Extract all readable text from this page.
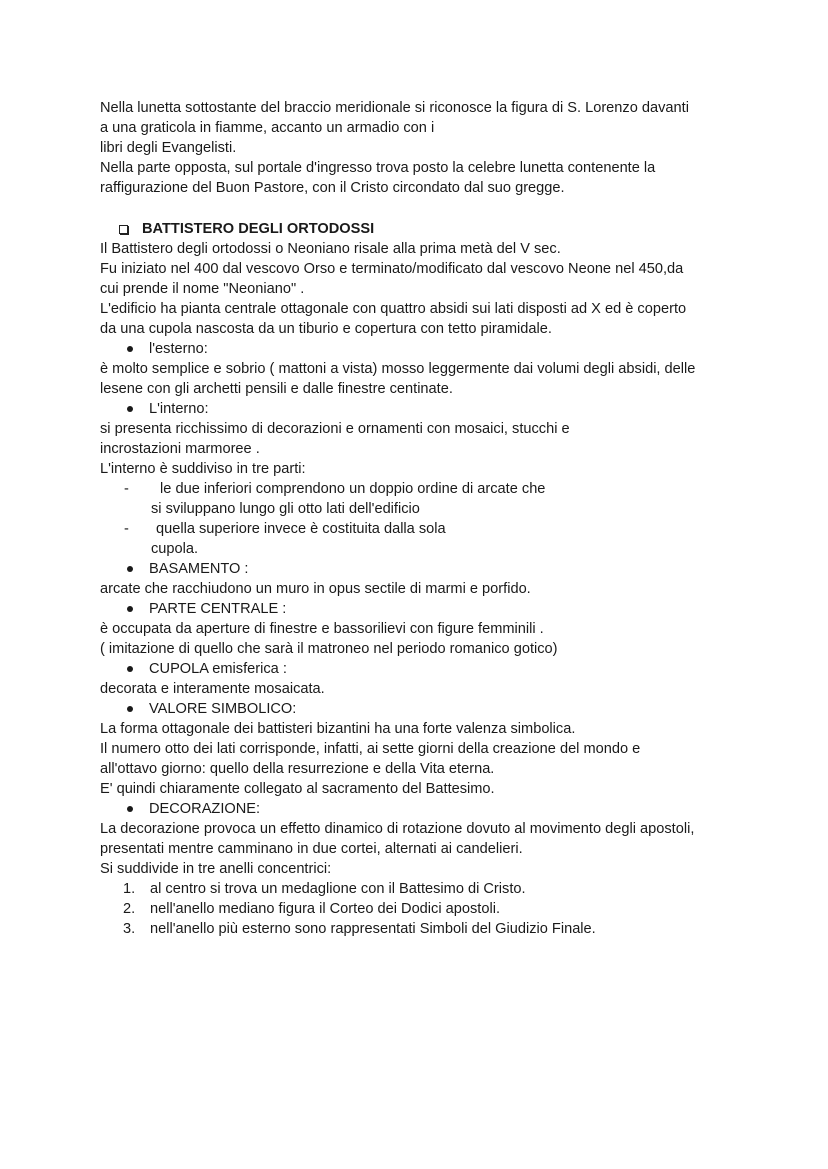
Nella lunetta sottostante del braccio meridionale si riconosce la figura di S. Lorenzo davanti
a una graticola in fiamme, accanto un armadio con i
libri degli Evangelisti.
Nella parte opposta, sul portale d'ingresso trova posto la celebre lunetta contenente la
raffigurazione del Buon Pastore, con il Cristo circondato dal suo gregge.
BATTISTERO DEGLI ORTODOSSI
Il Battistero degli ortodossi o Neoniano risale alla prima metà del V sec.
Fu iniziato nel 400 dal vescovo Orso e terminato/modificato dal vescovo Neone nel 450,da
cui prende il nome "Neoniano" .
L'edificio ha pianta centrale ottagonale con quattro absidi sui lati disposti ad X ed è coperto
da una cupola nascosta da un tiburio e copertura con tetto piramidale.
l'esterno:
è molto semplice e sobrio ( mattoni a vista) mosso leggermente dai volumi degli absidi, delle
lesene con gli archetti pensili e dalle finestre centinate.
L'interno:
si presenta ricchissimo di decorazioni e ornamenti con mosaici, stucchi e
incrostazioni marmoree .
L'interno è suddiviso in tre parti:
-	le due inferiori comprendono un doppio ordine di arcate che
si sviluppano lungo gli otto lati dell'edificio
-	quella superiore invece è costituita dalla sola
cupola.
BASAMENTO :
arcate che racchiudono un muro in opus sectile di marmi e porfido.
PARTE CENTRALE :
è occupata da aperture di finestre e bassorilievi con figure femminili .
( imitazione di quello che sarà il matroneo nel periodo romanico gotico)
CUPOLA emisferica :
decorata e interamente mosaicata.
VALORE SIMBOLICO:
La forma ottagonale dei battisteri bizantini ha una forte valenza simbolica.
Il numero otto dei lati corrisponde, infatti, ai sette giorni della creazione del mondo e
all'ottavo giorno: quello della resurrezione e della Vita eterna.
E' quindi chiaramente collegato al sacramento del Battesimo.
DECORAZIONE:
La decorazione provoca un effetto dinamico di rotazione dovuto al movimento degli apostoli,
presentati mentre camminano in due cortei, alternati ai candelieri.
Si suddivide in tre anelli concentrici:
1.	al centro si trova un medaglione con il Battesimo di Cristo.
2.	nell'anello mediano figura il Corteo dei Dodici apostoli.
3.	nell'anello più esterno sono rappresentati Simboli del Giudizio Finale.
